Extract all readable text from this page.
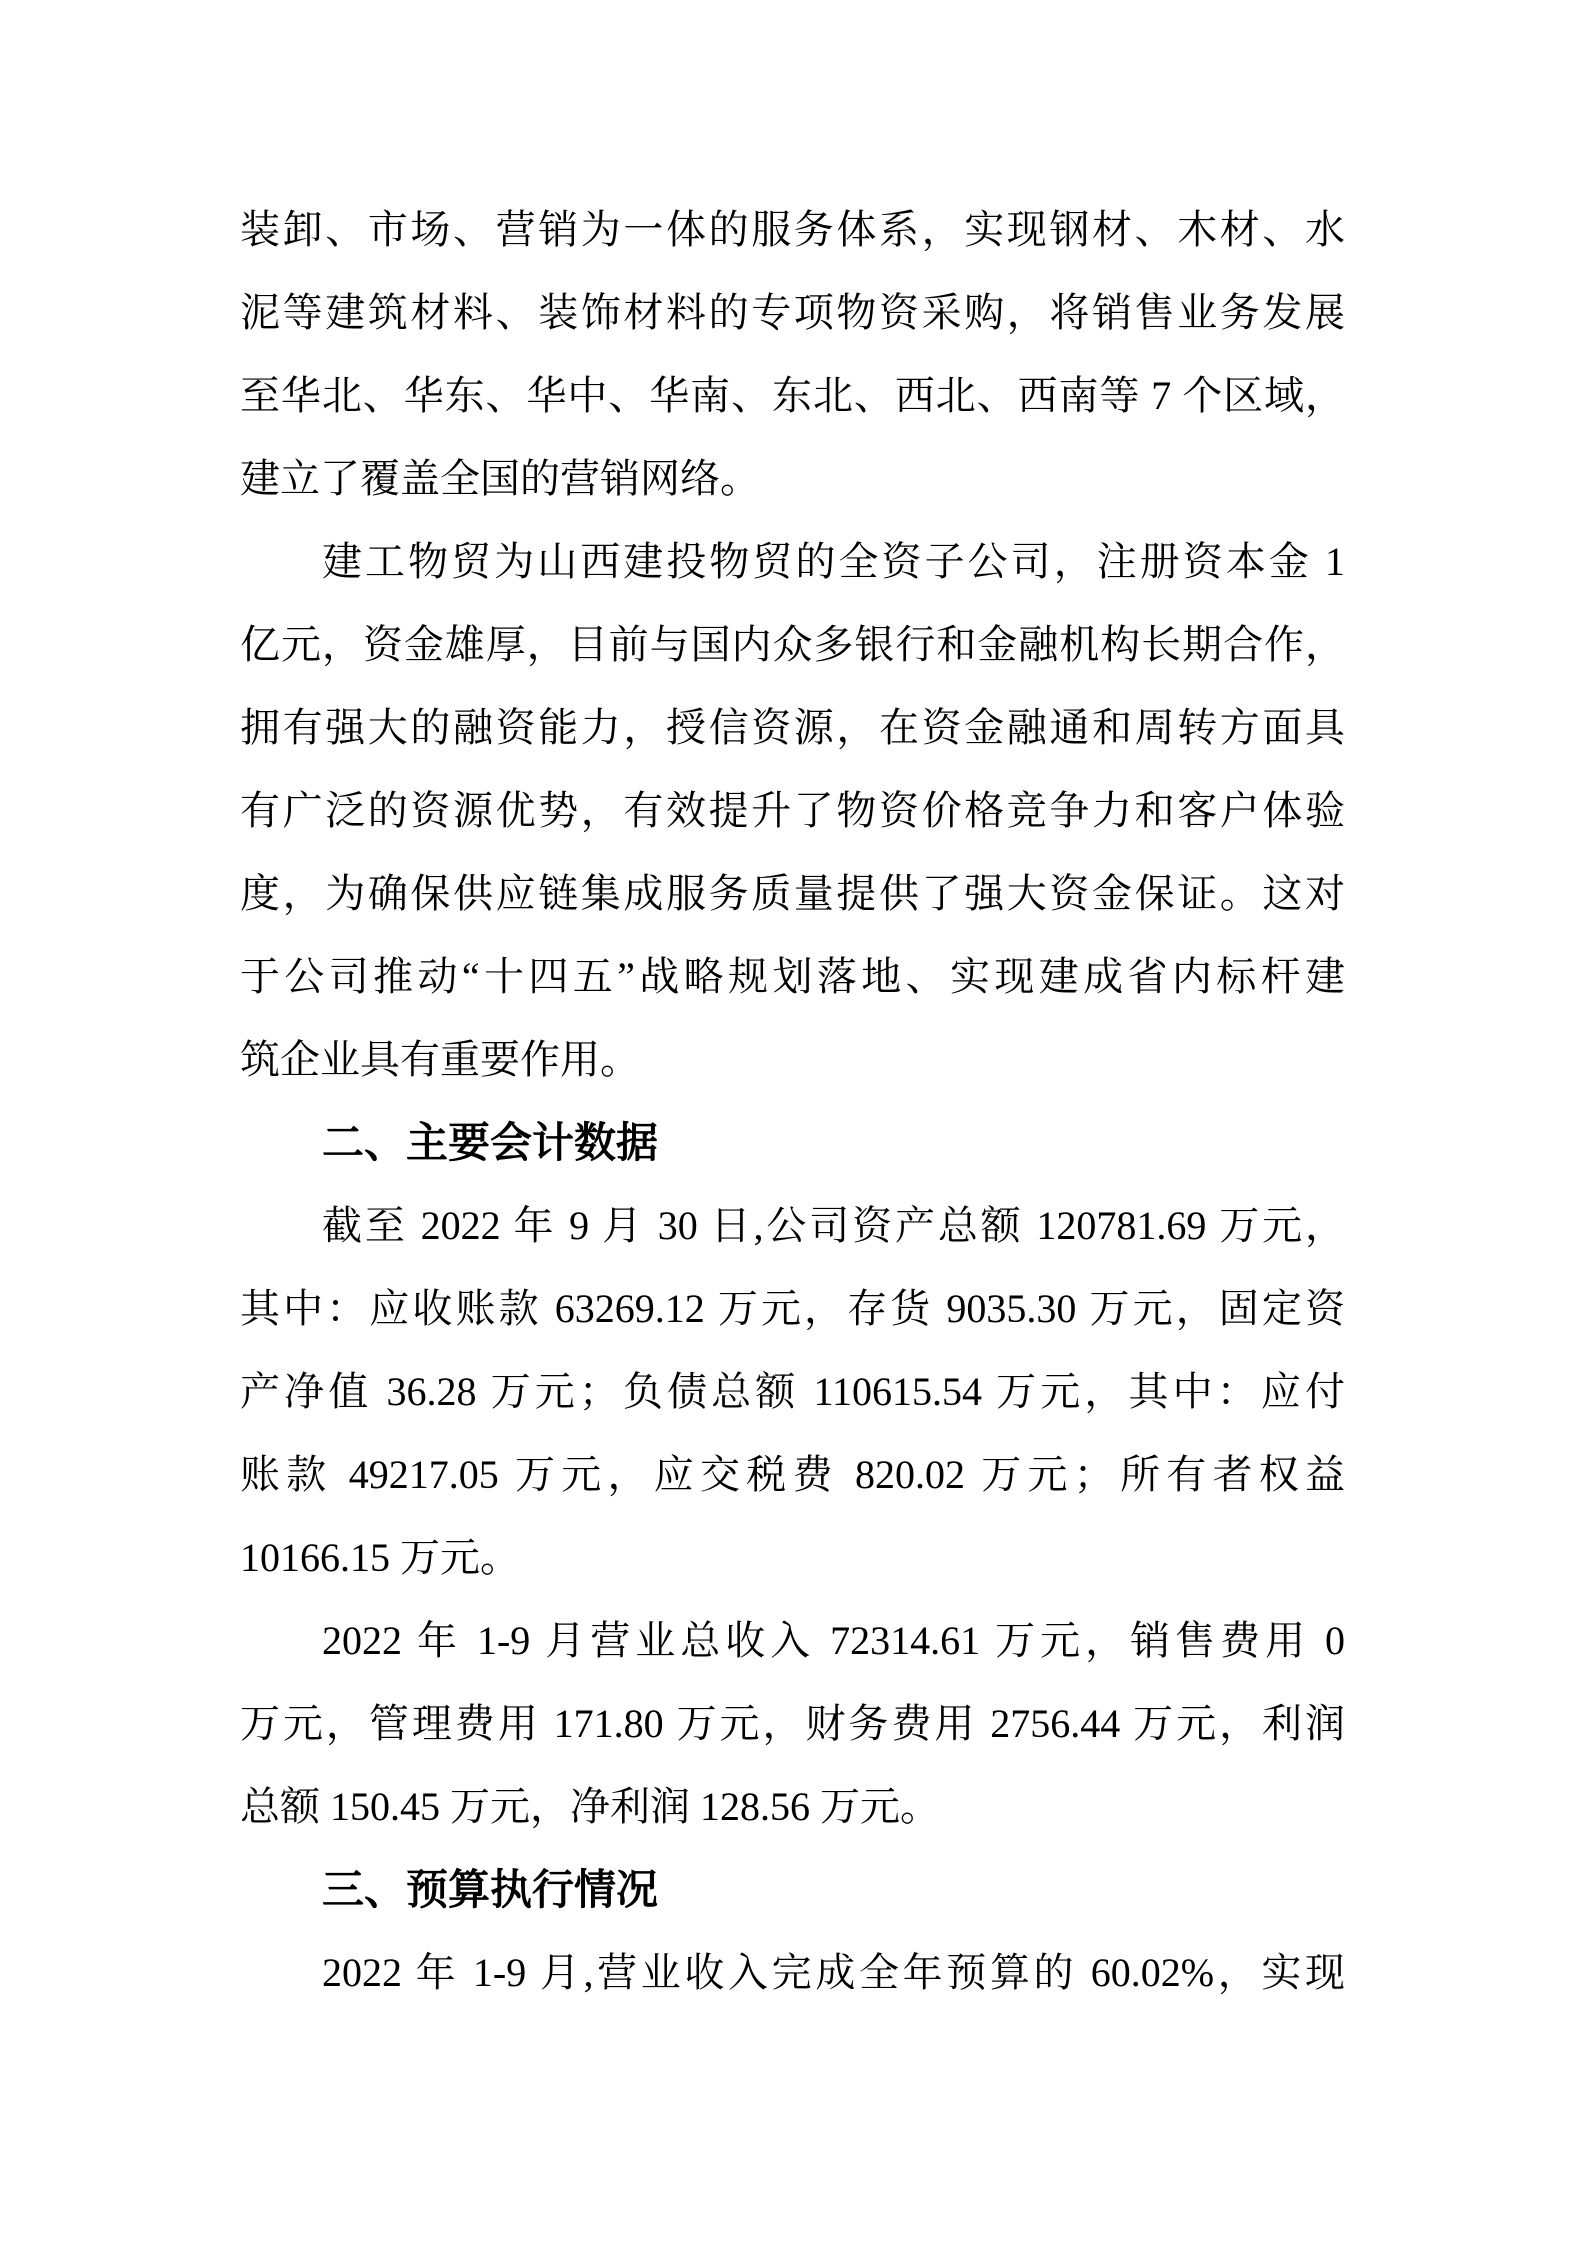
装卸、市场、营销为一体的服务体系，实现钢材、木材、水
泥等建筑材料、装饰材料的专项物资采购，将销售业务发展
至华北、华东、华中、华南、东北、西北、西南等 7 个区域，
建立了覆盖全国的营销网络。
建工物贸为山西建投物贸的全资子公司，注册资本金 1
亿元，资金雄厚，目前与国内众多银行和金融机构长期合作，
拥有强大的融资能力，授信资源，在资金融通和周转方面具
有广泛的资源优势，有效提升了物资价格竞争力和客户体验
度，为确保供应链集成服务质量提供了强大资金保证。这对
于公司推动“十四五”战略规划落地、实现建成省内标杆建
筑企业具有重要作用。
二、主要会计数据
截至 2022 年 9 月 30 日,公司资产总额 120781.69 万元，
其中：应收账款 63269.12 万元，存货 9035.30 万元，固定资
产净值 36.28 万元；负债总额 110615.54 万元，其中：应付
账款 49217.05 万元，应交税费 820.02 万元；所有者权益
10166.15 万元。
2022 年 1-9 月营业总收入 72314.61 万元，销售费用 0
万元，管理费用 171.80 万元，财务费用 2756.44 万元，利润
总额 150.45 万元，净利润 128.56 万元。
三、预算执行情况
2022 年 1-9 月,营业收入完成全年预算的 60.02%，实现
